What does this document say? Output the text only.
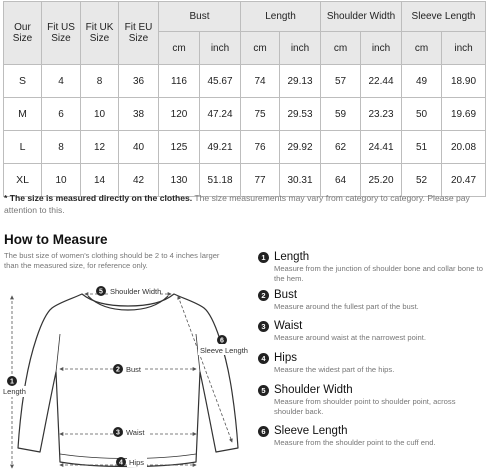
Our Size	Fit US Size	Fit UK Size	Fit EU Size	Bust		Length		Shoulder Width		Sleeve Length	
				cm	inch	cm	inch	cm	inch	cm	inch
S	4	8	36	116	45.67	74	29.13	57	22.44	49	18.90
M	6	10	38	120	47.24	75	29.53	59	23.23	50	19.69
L	8	12	40	125	49.21	76	29.92	62	24.41	51	20.08
XL	10	14	42	130	51.18	77	30.31	64	25.20	52	20.47
* The size is measured directly on the clothes. The size measurements may vary from category to category. Please pay attention to this.
How to Measure
The bust size of women's clothing should be 2 to 4 inches larger than the measured size, for reference only.
5 Shoulder Width
6
Sleeve Length
2 Bust
1
Length
3 Waist
4 Hips
1 Length
Measure from the junction of shoulder bone and collar bone to the hem.
2 Bust
Measure around the fullest part of the bust.
3 Waist
Measure around waist at the narrowest point.
4 Hips
Measure the widest part of the hips.
5 Shoulder Width
Measure from shoulder point to shoulder point, across shoulder back.
6 Sleeve Length
Measure from the shoulder point to the cuff end.
